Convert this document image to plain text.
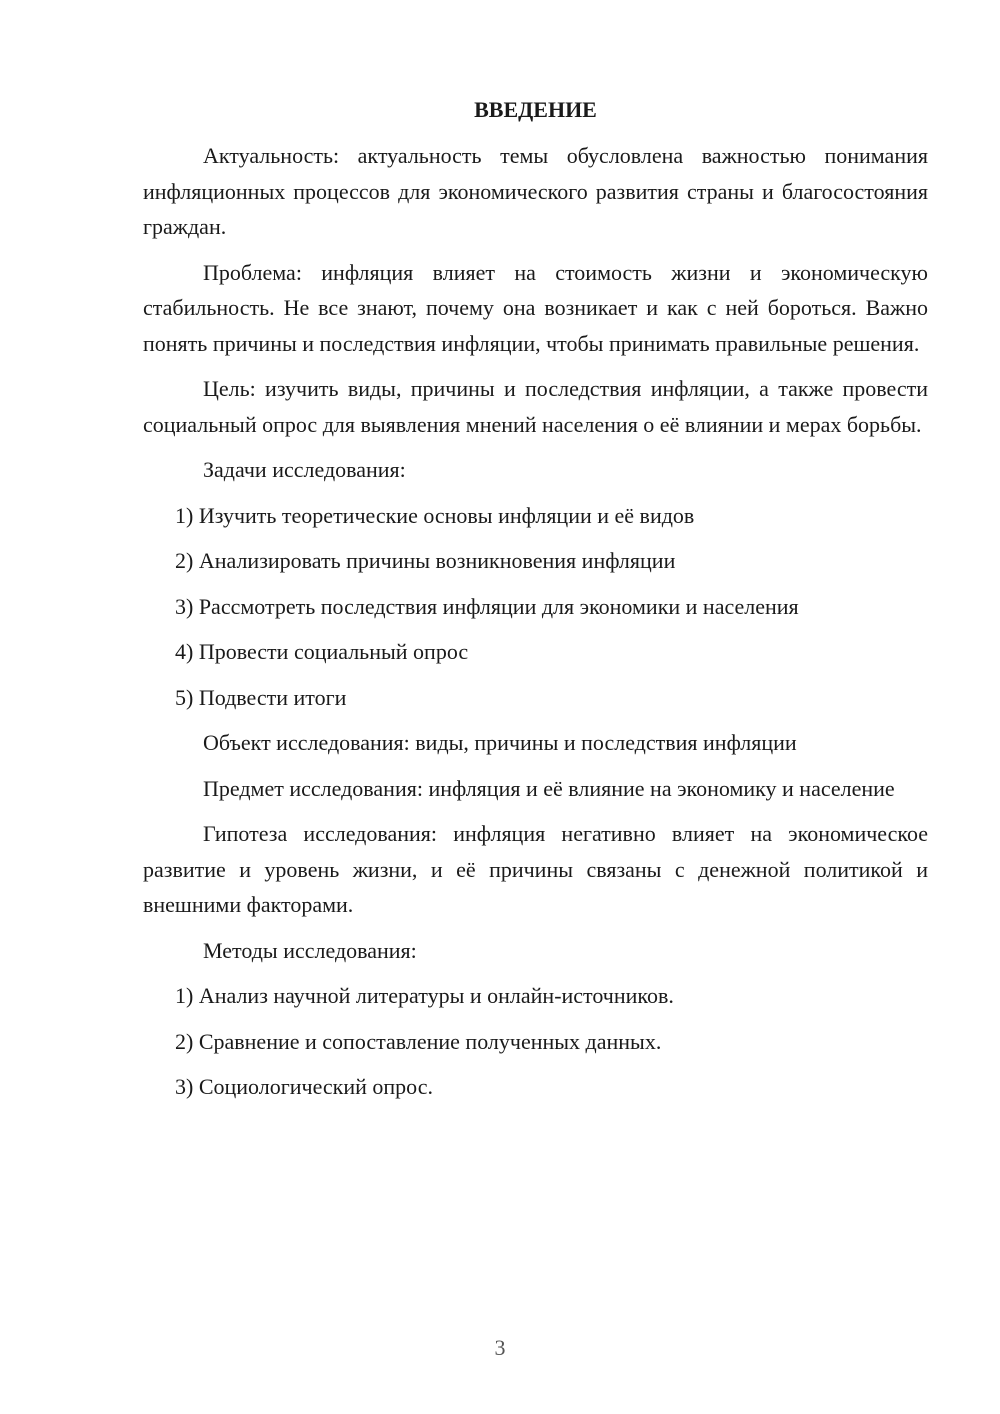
ВВЕДЕНИЕ

Актуальность: актуальность темы обусловлена важностью понимания инфляционных процессов для экономического развития страны и благосостояния граждан.

Проблема: инфляция влияет на стоимость жизни и экономическую стабильность. Не все знают, почему она возникает и как с ней бороться. Важно понять причины и последствия инфляции, чтобы принимать правильные решения.

Цель: изучить виды, причины и последствия инфляции, а также провести социальный опрос для выявления мнений населения о её влиянии и мерах борьбы.

Задачи исследования:

1) Изучить теоретические основы инфляции и её видов

2) Анализировать причины возникновения инфляции

3) Рассмотреть последствия инфляции для экономики и населения

4) Провести социальный опрос

5) Подвести итоги

Объект исследования: виды, причины и последствия инфляции

Предмет исследования: инфляция и её влияние на экономику и население

Гипотеза исследования: инфляция негативно влияет на экономическое развитие и уровень жизни, и её причины связаны с денежной политикой и внешними факторами.

Методы исследования:

1) Анализ научной литературы и онлайн-источников.

2) Сравнение и сопоставление полученных данных.

3) Социологический опрос.

3
